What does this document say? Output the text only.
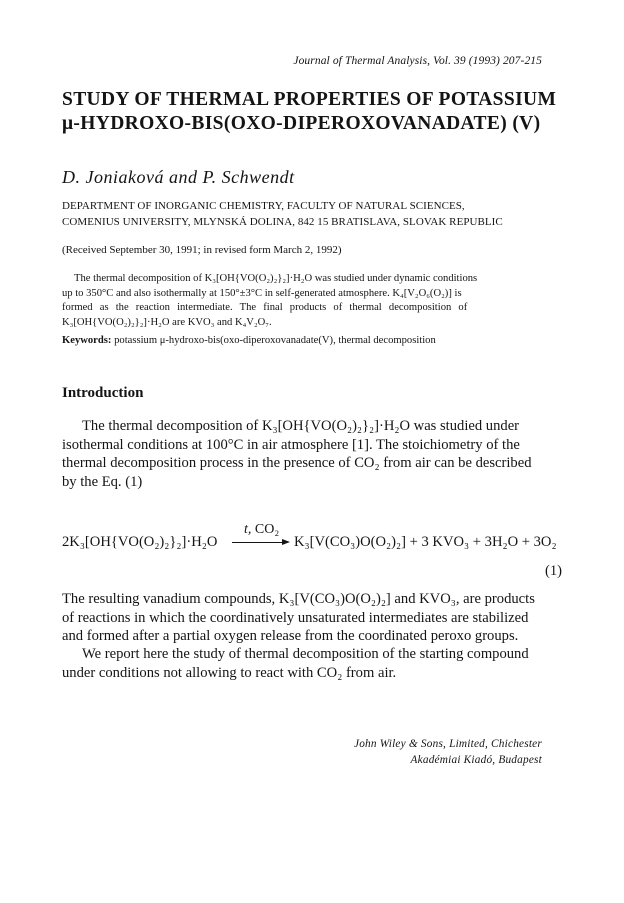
Journal of Thermal Analysis, Vol. 39 (1993) 207-215
STUDY OF THERMAL PROPERTIES OF POTASSIUM
μ-HYDROXO-BIS(OXO-DIPEROXOVANADATE) (V)
D. Joniaková and P. Schwendt
DEPARTMENT OF INORGANIC CHEMISTRY, FACULTY OF NATURAL SCIENCES,
COMENIUS UNIVERSITY, MLYNSKÁ DOLINA, 842 15 BRATISLAVA, SLOVAK REPUBLIC
(Received September 30, 1991; in revised form March 2, 1992)
The thermal decomposition of K₃[OH{VO(O₂)₂}₂]·H₂O was studied under dynamic conditions
up to 350°C and also isothermally at 150°±3°C in self-generated atmosphere. K₄[V₂O₆(O₂)] is
formed as the reaction intermediate. The final products of thermal decomposition of
K₃[OH{VO(O₂)₂}₂]·H₂O are KVO₃ and K₄V₂O₇.
Keywords: potassium μ-hydroxo-bis(oxo-diperoxovanadate(V), thermal decomposition
Introduction
The thermal decomposition of K₃[OH{VO(O₂)₂}₂]·H₂O was studied under
isothermal conditions at 100°C in air atmosphere [1]. The stoichiometry of the
thermal decomposition process in the presence of CO₂ from air can be described
by the Eq. (1)
2K₃[OH{VO(O₂)₂}₂]·H₂O
t, CO₂
K₃[V(CO₃)O(O₂)₂] + 3 KVO₃ + 3H₂O + 3O₂
(1)
The resulting vanadium compounds, K₃[V(CO₃)O(O₂)₂] and KVO₃, are products
of reactions in which the coordinatively unsaturated intermediates are stabilized
and formed after a partial oxygen release from the coordinated peroxo groups.
We report here the study of thermal decomposition of the starting compound
under conditions not allowing to react with CO₂ from air.
John Wiley & Sons, Limited, Chichester
Akadémiai Kiadó, Budapest
